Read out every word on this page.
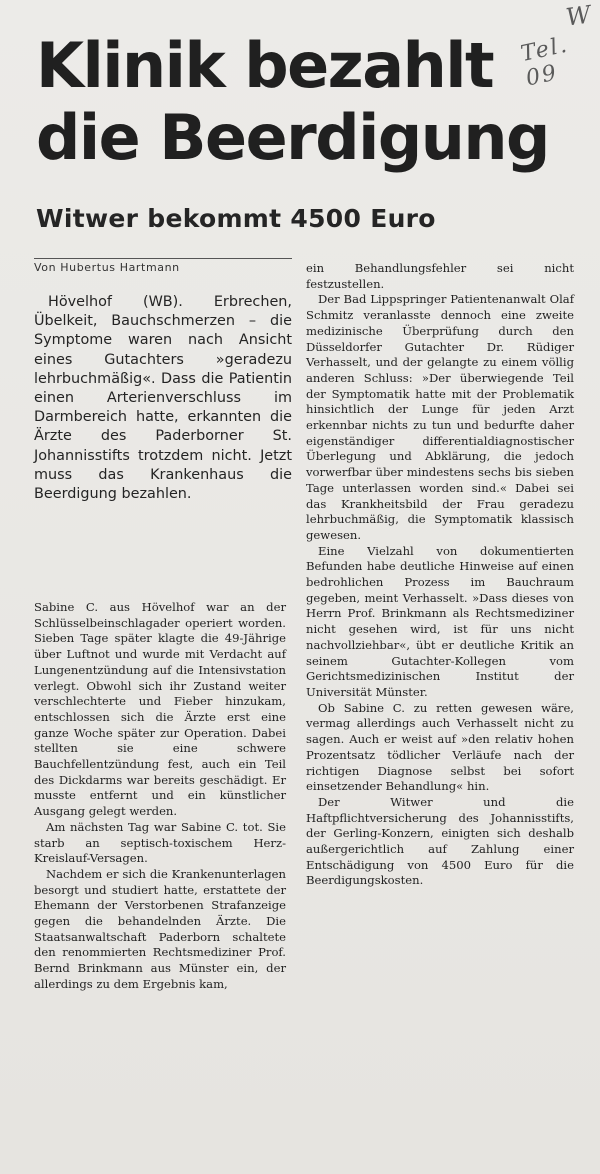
W
Tel. 09
Klinik bezahlt die Beerdigung
Witwer bekommt 4500 Euro
Von Hubertus Hartmann

Hövelhof (WB). Erbrechen, Übelkeit, Bauchschmerzen – die Symptome waren nach Ansicht eines Gutachters »geradezu lehrbuchmäßig«. Dass die Patientin einen Arterienverschluss im Darmbereich hatte, erkannten die Ärzte des Paderborner St. Johannisstifts trotzdem nicht. Jetzt muss das Krankenhaus die Beerdigung bezahlen.

Sabine C. aus Hövelhof war an der Schlüsselbeinschlagader operiert worden. Sieben Tage später klagte die 49-Jährige über Luftnot und wurde mit Verdacht auf Lungenentzündung auf die Intensivstation verlegt. Obwohl sich ihr Zustand weiter verschlechterte und Fieber hinzukam, entschlossen sich die Ärzte erst eine ganze Woche später zur Operation. Dabei stellten sie eine schwere Bauchfellentzündung fest, auch ein Teil des Dickdarms war bereits geschädigt. Er musste entfernt und ein künstlicher Ausgang gelegt werden.

Am nächsten Tag war Sabine C. tot. Sie starb an septisch-toxischem Herz-Kreislauf-Versagen.

Nachdem er sich die Krankenunterlagen besorgt und studiert hatte, erstattete der Ehemann der Verstorbenen Strafanzeige gegen die behandelnden Ärzte. Die Staatsanwaltschaft Paderborn schaltete den renommierten Rechtsmediziner Prof. Bernd Brinkmann aus Münster ein, der allerdings zu dem Ergebnis kam,

ein Behandlungsfehler sei nicht festzustellen.

Der Bad Lippspringer Patientenanwalt Olaf Schmitz veranlasste dennoch eine zweite medizinische Überprüfung durch den Düsseldorfer Gutachter Dr. Rüdiger Verhasselt, und der gelangte zu einem völlig anderen Schluss: »Der überwiegende Teil der Symptomatik hatte mit der Problematik hinsichtlich der Lunge für jeden Arzt erkennbar nichts zu tun und bedurfte daher eigenständiger differentialdiagnostischer Überlegung und Abklärung, die jedoch vorwerfbar über mindestens sechs bis sieben Tage unterlassen worden sind.« Dabei sei das Krankheitsbild der Frau geradezu lehrbuchmäßig, die Symptomatik klassisch gewesen.

Eine Vielzahl von dokumentierten Befunden habe deutliche Hinweise auf einen bedrohlichen Prozess im Bauchraum gegeben, meint Verhasselt. »Dass dieses von Herrn Prof. Brinkmann als Rechtsmediziner nicht gesehen wird, ist für uns nicht nachvollziehbar«, übt er deutliche Kritik an seinem Gutachter-Kollegen vom Gerichtsmedizinischen Institut der Universität Münster.

Ob Sabine C. zu retten gewesen wäre, vermag allerdings auch Verhasselt nicht zu sagen. Auch er weist auf »den relativ hohen Prozentsatz tödlicher Verläufe nach der richtigen Diagnose selbst bei sofort einsetzender Behandlung« hin.

Der Witwer und die Haftpflichtversicherung des Johannisstifts, der Gerling-Konzern, einigten sich deshalb außergerichtlich auf Zahlung einer Entschädigung von 4500 Euro für die Beerdigungskosten.
